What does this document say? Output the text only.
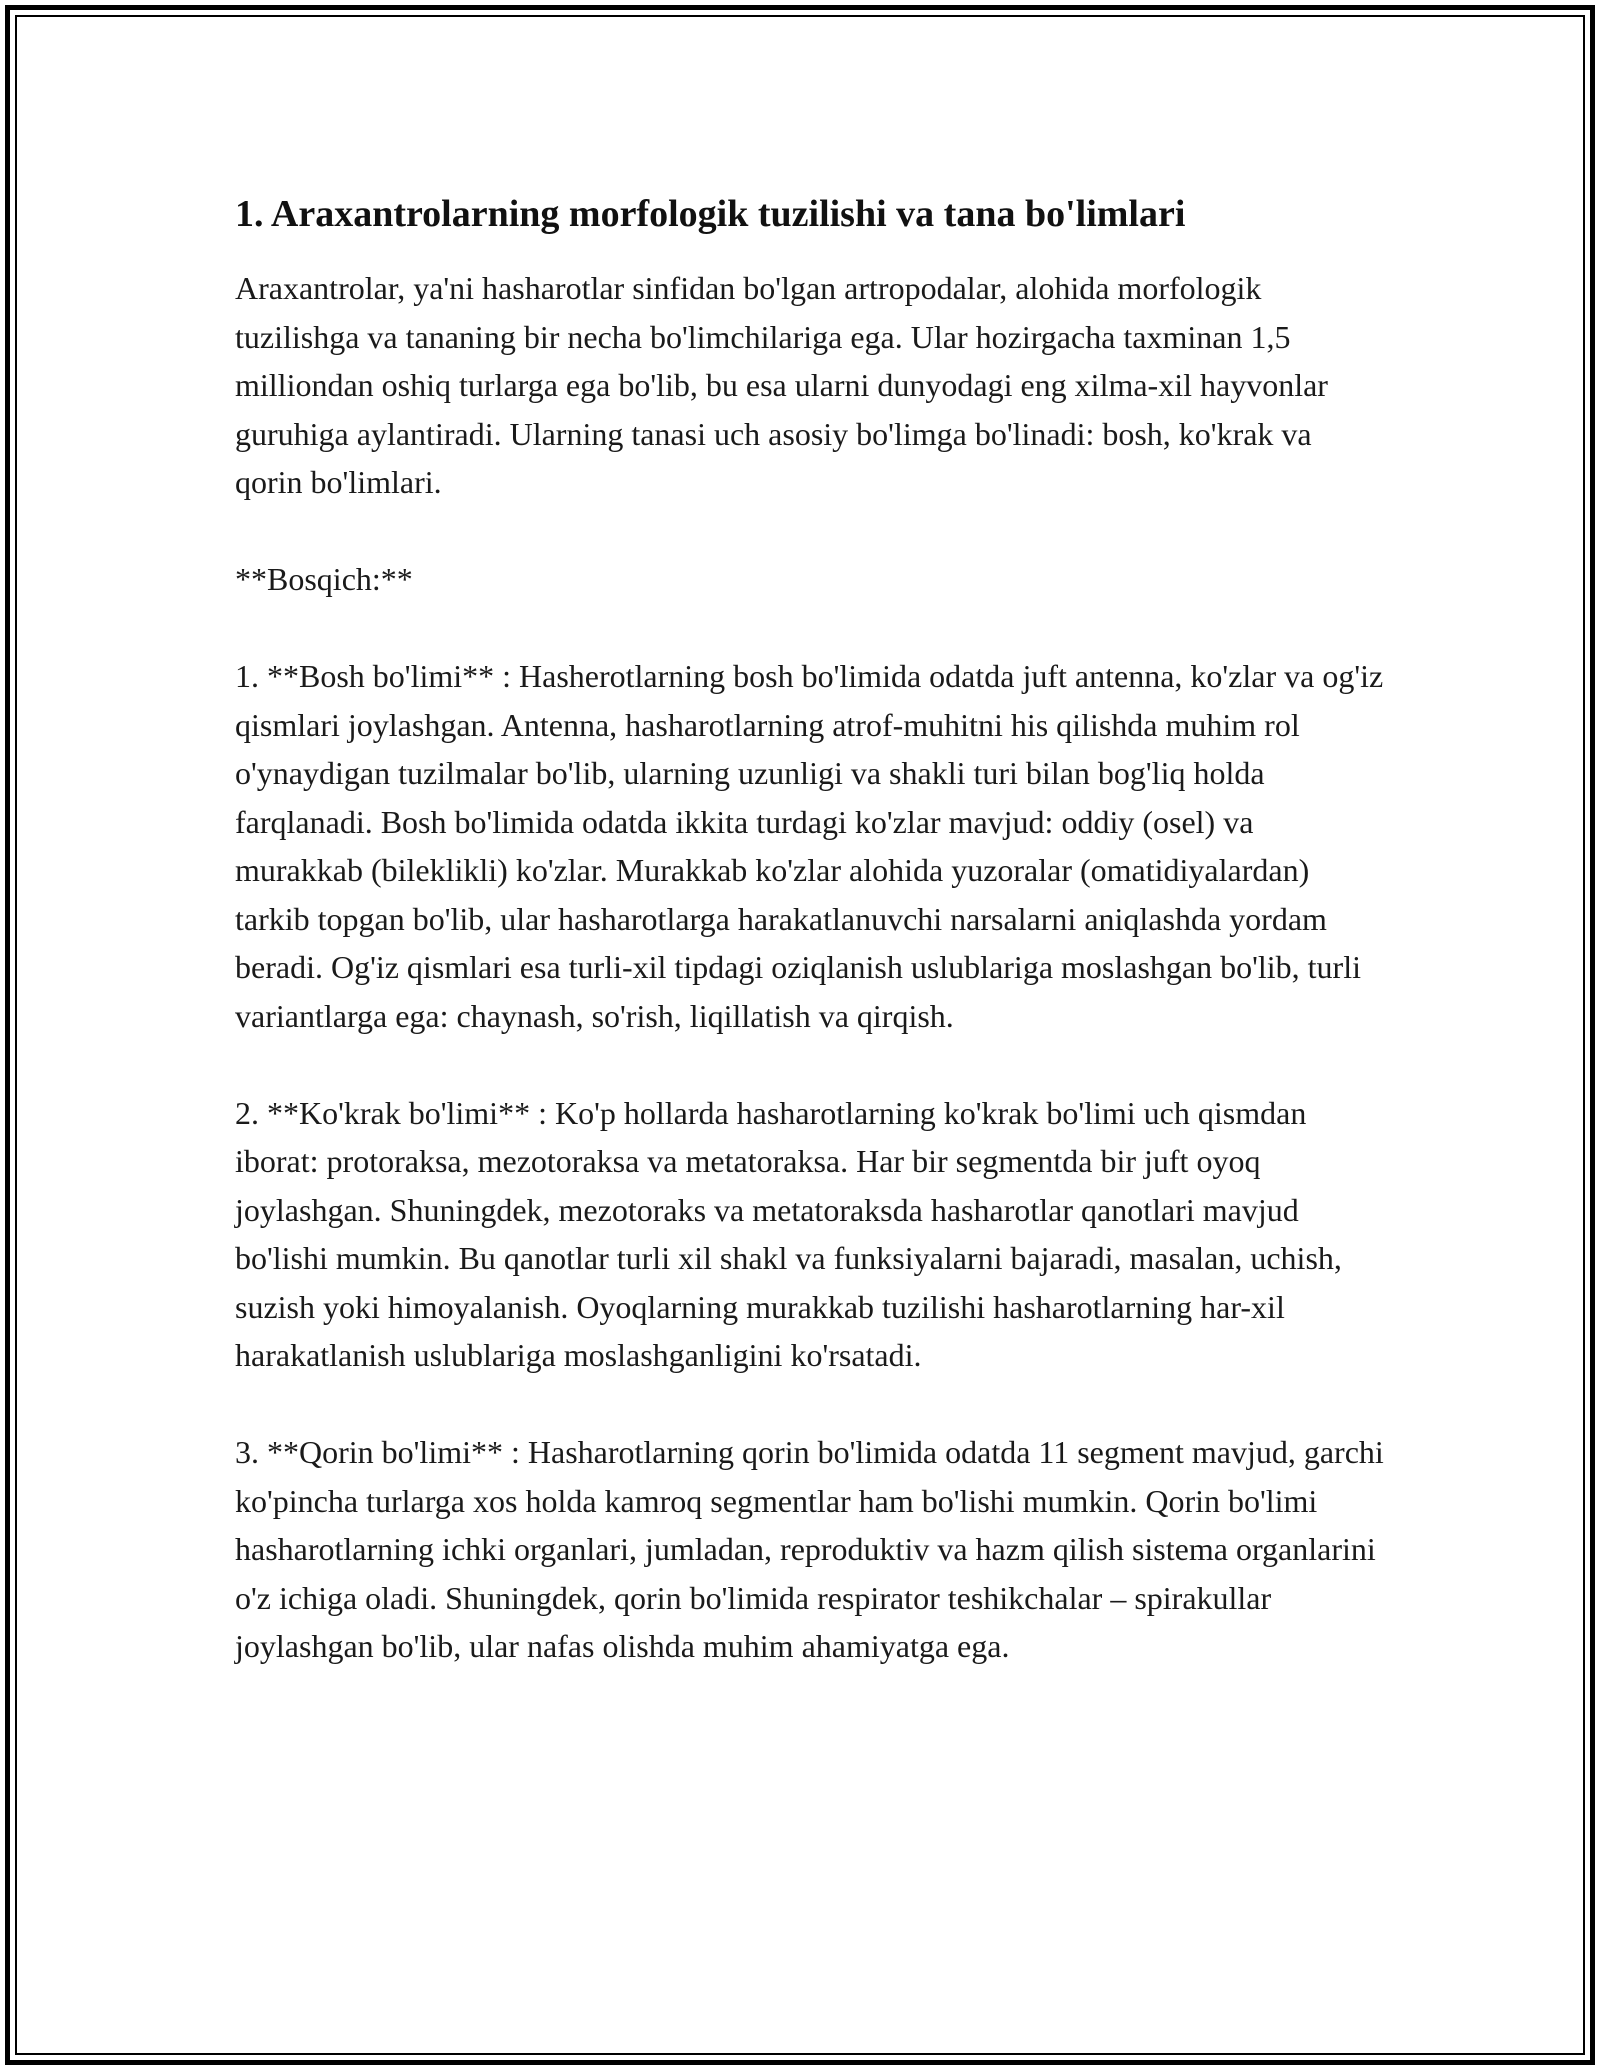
1. Araxantrolarning morfologik tuzilishi va tana bo'limlari

Araxantrolar, ya'ni hasharotlar sinfidan bo'lgan artropodalar, alohida morfologik tuzilishga va tananing bir necha bo'limchilariga ega. Ular hozirgacha taxminan 1,5 milliondan oshiq turlarga ega bo'lib, bu esa ularni dunyodagi eng xilma-xil hayvonlar guruhiga aylantiradi. Ularning tanasi uch asosiy bo'limga bo'linadi: bosh, ko'krak va qorin bo'limlari.

**Bosqich:**

1. **Bosh bo'limi** : Hasherotlarning bosh bo'limida odatda juft antenna, ko'zlar va og'iz qismlari joylashgan. Antenna, hasharotlarning atrof-muhitni his qilishda muhim rol o'ynaydigan tuzilmalar bo'lib, ularning uzunligi va shakli turi bilan bog'liq holda farqlanadi. Bosh bo'limida odatda ikkita turdagi ko'zlar mavjud: oddiy (osel) va murakkab (bileklikli) ko'zlar. Murakkab ko'zlar alohida yuzoralar (omatidiyalardan) tarkib topgan bo'lib, ular hasharotlarga harakatlanuvchi narsalarni aniqlashda yordam beradi. Og'iz qismlari esa turli-xil tipdagi oziqlanish uslublariga moslashgan bo'lib, turli variantlarga ega: chaynash, so'rish, liqillatish va qirqish.

2. **Ko'krak bo'limi** : Ko'p hollarda hasharotlarning ko'krak bo'limi uch qismdan iborat: protoraksa, mezotoraksa va metatoraksa. Har bir segmentda bir juft oyoq joylashgan. Shuningdek, mezotoraks va metatoraksda hasharotlar qanotlari mavjud bo'lishi mumkin. Bu qanotlar turli xil shakl va funksiyalarni bajaradi, masalan, uchish, suzish yoki himoyalanish. Oyoqlarning murakkab tuzilishi hasharotlarning har-xil harakatlanish uslublariga moslashganligini ko'rsatadi.

3. **Qorin bo'limi** : Hasharotlarning qorin bo'limida odatda 11 segment mavjud, garchi ko'pincha turlarga xos holda kamroq segmentlar ham bo'lishi mumkin. Qorin bo'limi hasharotlarning ichki organlari, jumladan, reproduktiv va hazm qilish sistema organlarini o'z ichiga oladi. Shuningdek, qorin bo'limida respirator teshikchalar – spirakullar joylashgan bo'lib, ular nafas olishda muhim ahamiyatga ega.
